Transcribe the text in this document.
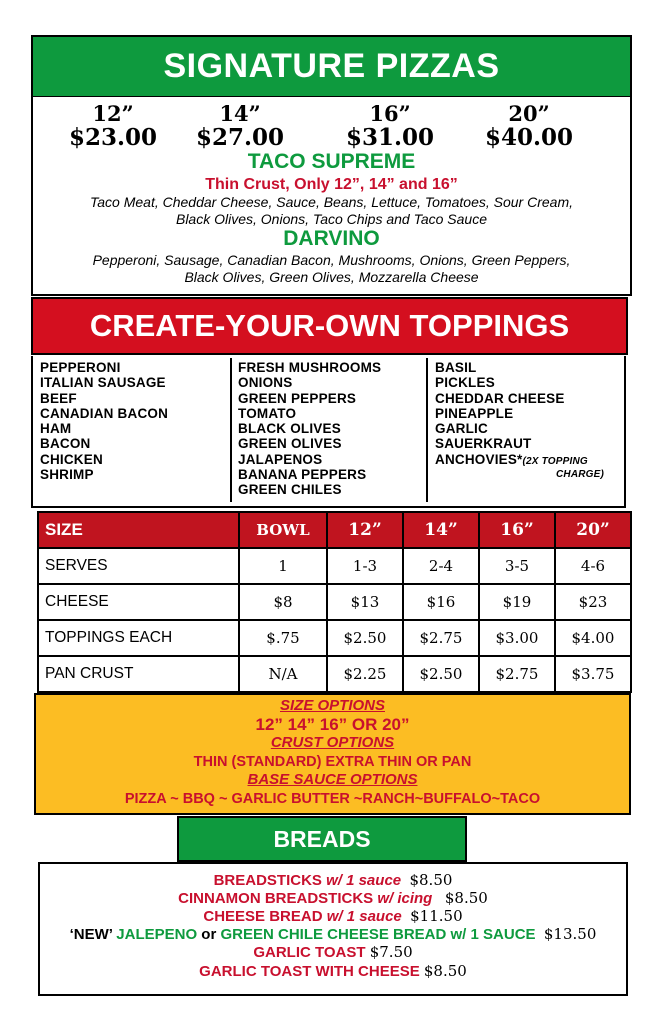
SIGNATURE PIZZAS
12”
$23.00
14”
$27.00
16”
$31.00
20”
$40.00
TACO SUPREME
Thin Crust, Only 12”, 14” and 16”
Taco Meat, Cheddar Cheese, Sauce, Beans, Lettuce, Tomatoes, Sour Cream,
Black Olives, Onions, Taco Chips and Taco Sauce
DARVINO
Pepperoni, Sausage, Canadian Bacon, Mushrooms, Onions, Green Peppers,
Black Olives, Green Olives, Mozzarella Cheese
CREATE-YOUR-OWN TOPPINGS
PEPPERONI
ITALIAN SAUSAGE
BEEF
CANADIAN BACON
HAM
BACON
CHICKEN
SHRIMP
FRESH MUSHROOMS
ONIONS
GREEN PEPPERS
TOMATO
BLACK OLIVES
GREEN OLIVES
JALAPENOS
BANANA PEPPERS
GREEN CHILES
BASIL
PICKLES
CHEDDAR CHEESE
PINEAPPLE
GARLIC
SAUERKRAUT
ANCHOVIES*(2X TOPPING
CHARGE)
SIZE	BOWL	12”	14”	16”	20”
SERVES	1	1-3	2-4	3-5	4-6
CHEESE	$8	$13	$16	$19	$23
TOPPINGS EACH	$.75	$2.50	$2.75	$3.00	$4.00
PAN CRUST	N/A	$2.25	$2.50	$2.75	$3.75
SIZE OPTIONS
12” 14” 16” OR 20”
CRUST OPTIONS
THIN (STANDARD) EXTRA THIN OR PAN
BASE SAUCE OPTIONS
PIZZA ~ BBQ ~ GARLIC BUTTER ~RANCH~BUFFALO~TACO
BREADS
BREADSTICKS w/ 1 sauce $8.50
CINNAMON BREADSTICKS w/ icing $8.50
CHEESE BREAD w/ 1 sauce $11.50
‘NEW’ JALEPENO or GREEN CHILE CHEESE BREAD w/ 1 SAUCE $13.50
GARLIC TOAST $7.50
GARLIC TOAST WITH CHEESE $8.50
